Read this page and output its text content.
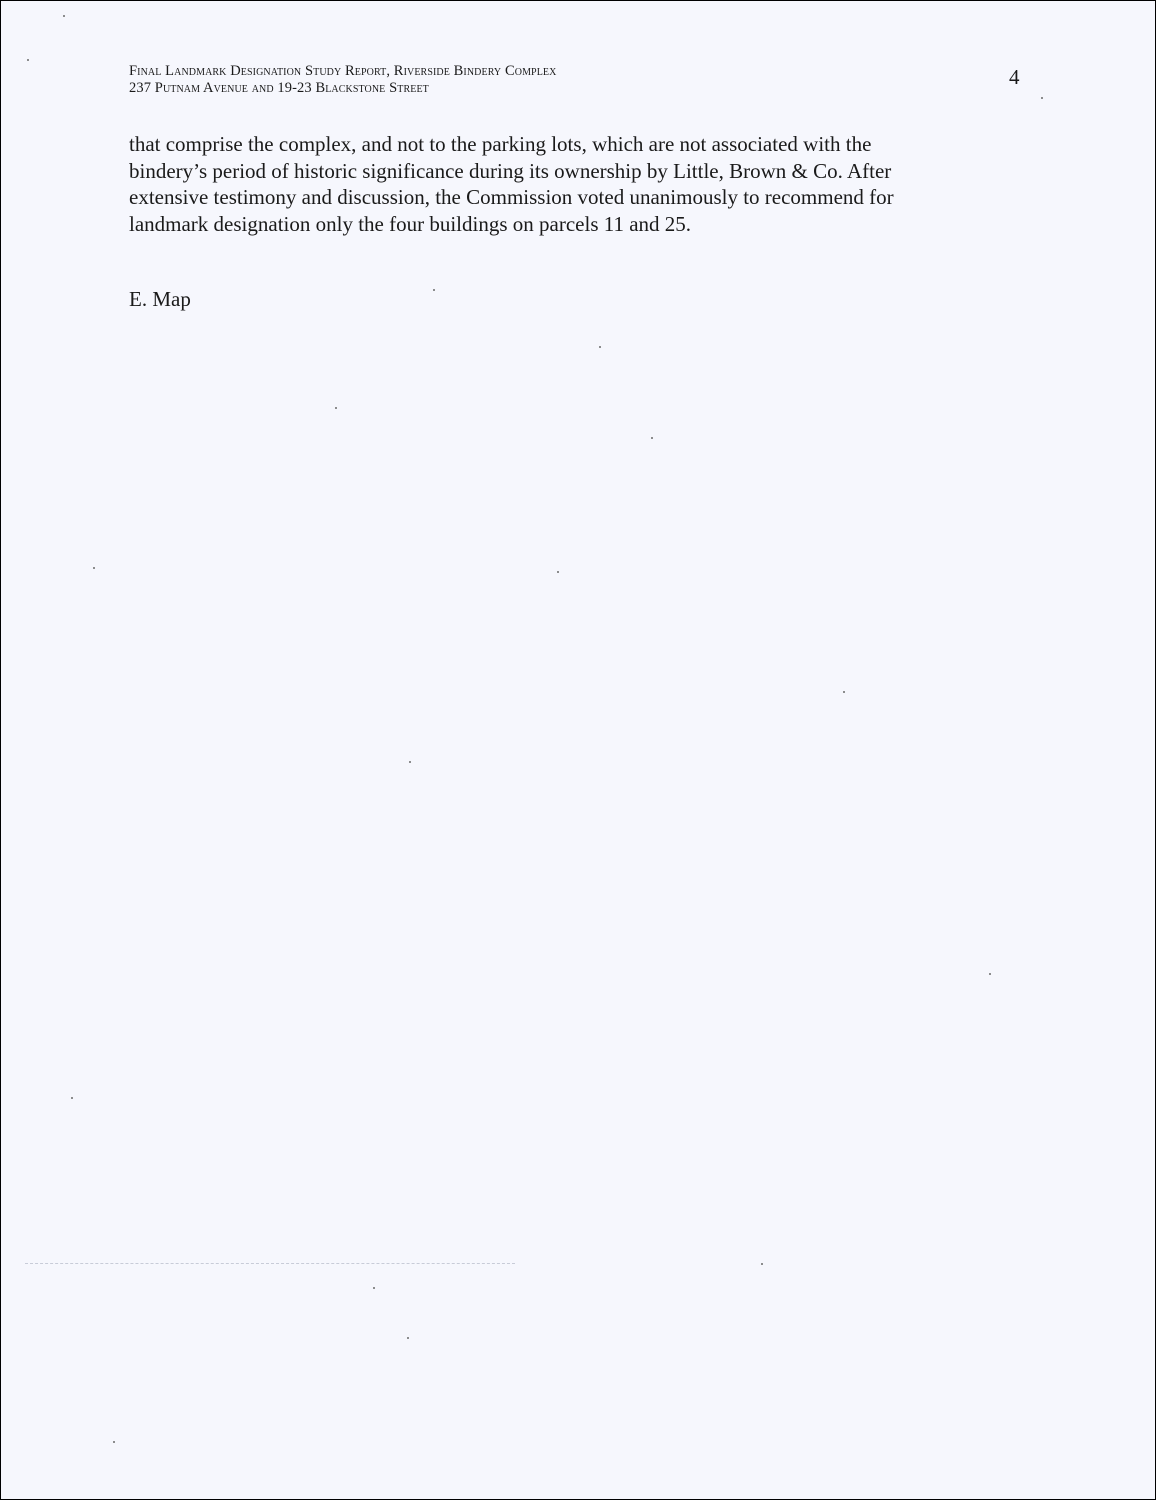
Final Landmark Designation Study Report, Riverside Bindery Complex
237 Putnam Avenue and 19-23 Blackstone Street	4
that comprise the complex, and not to the parking lots, which are not associated with the
bindery’s period of historic significance during its ownership by Little, Brown & Co. After
extensive testimony and discussion, the Commission voted unanimously to recommend for
landmark designation only the four buildings on parcels 11 and 25.
E. Map
